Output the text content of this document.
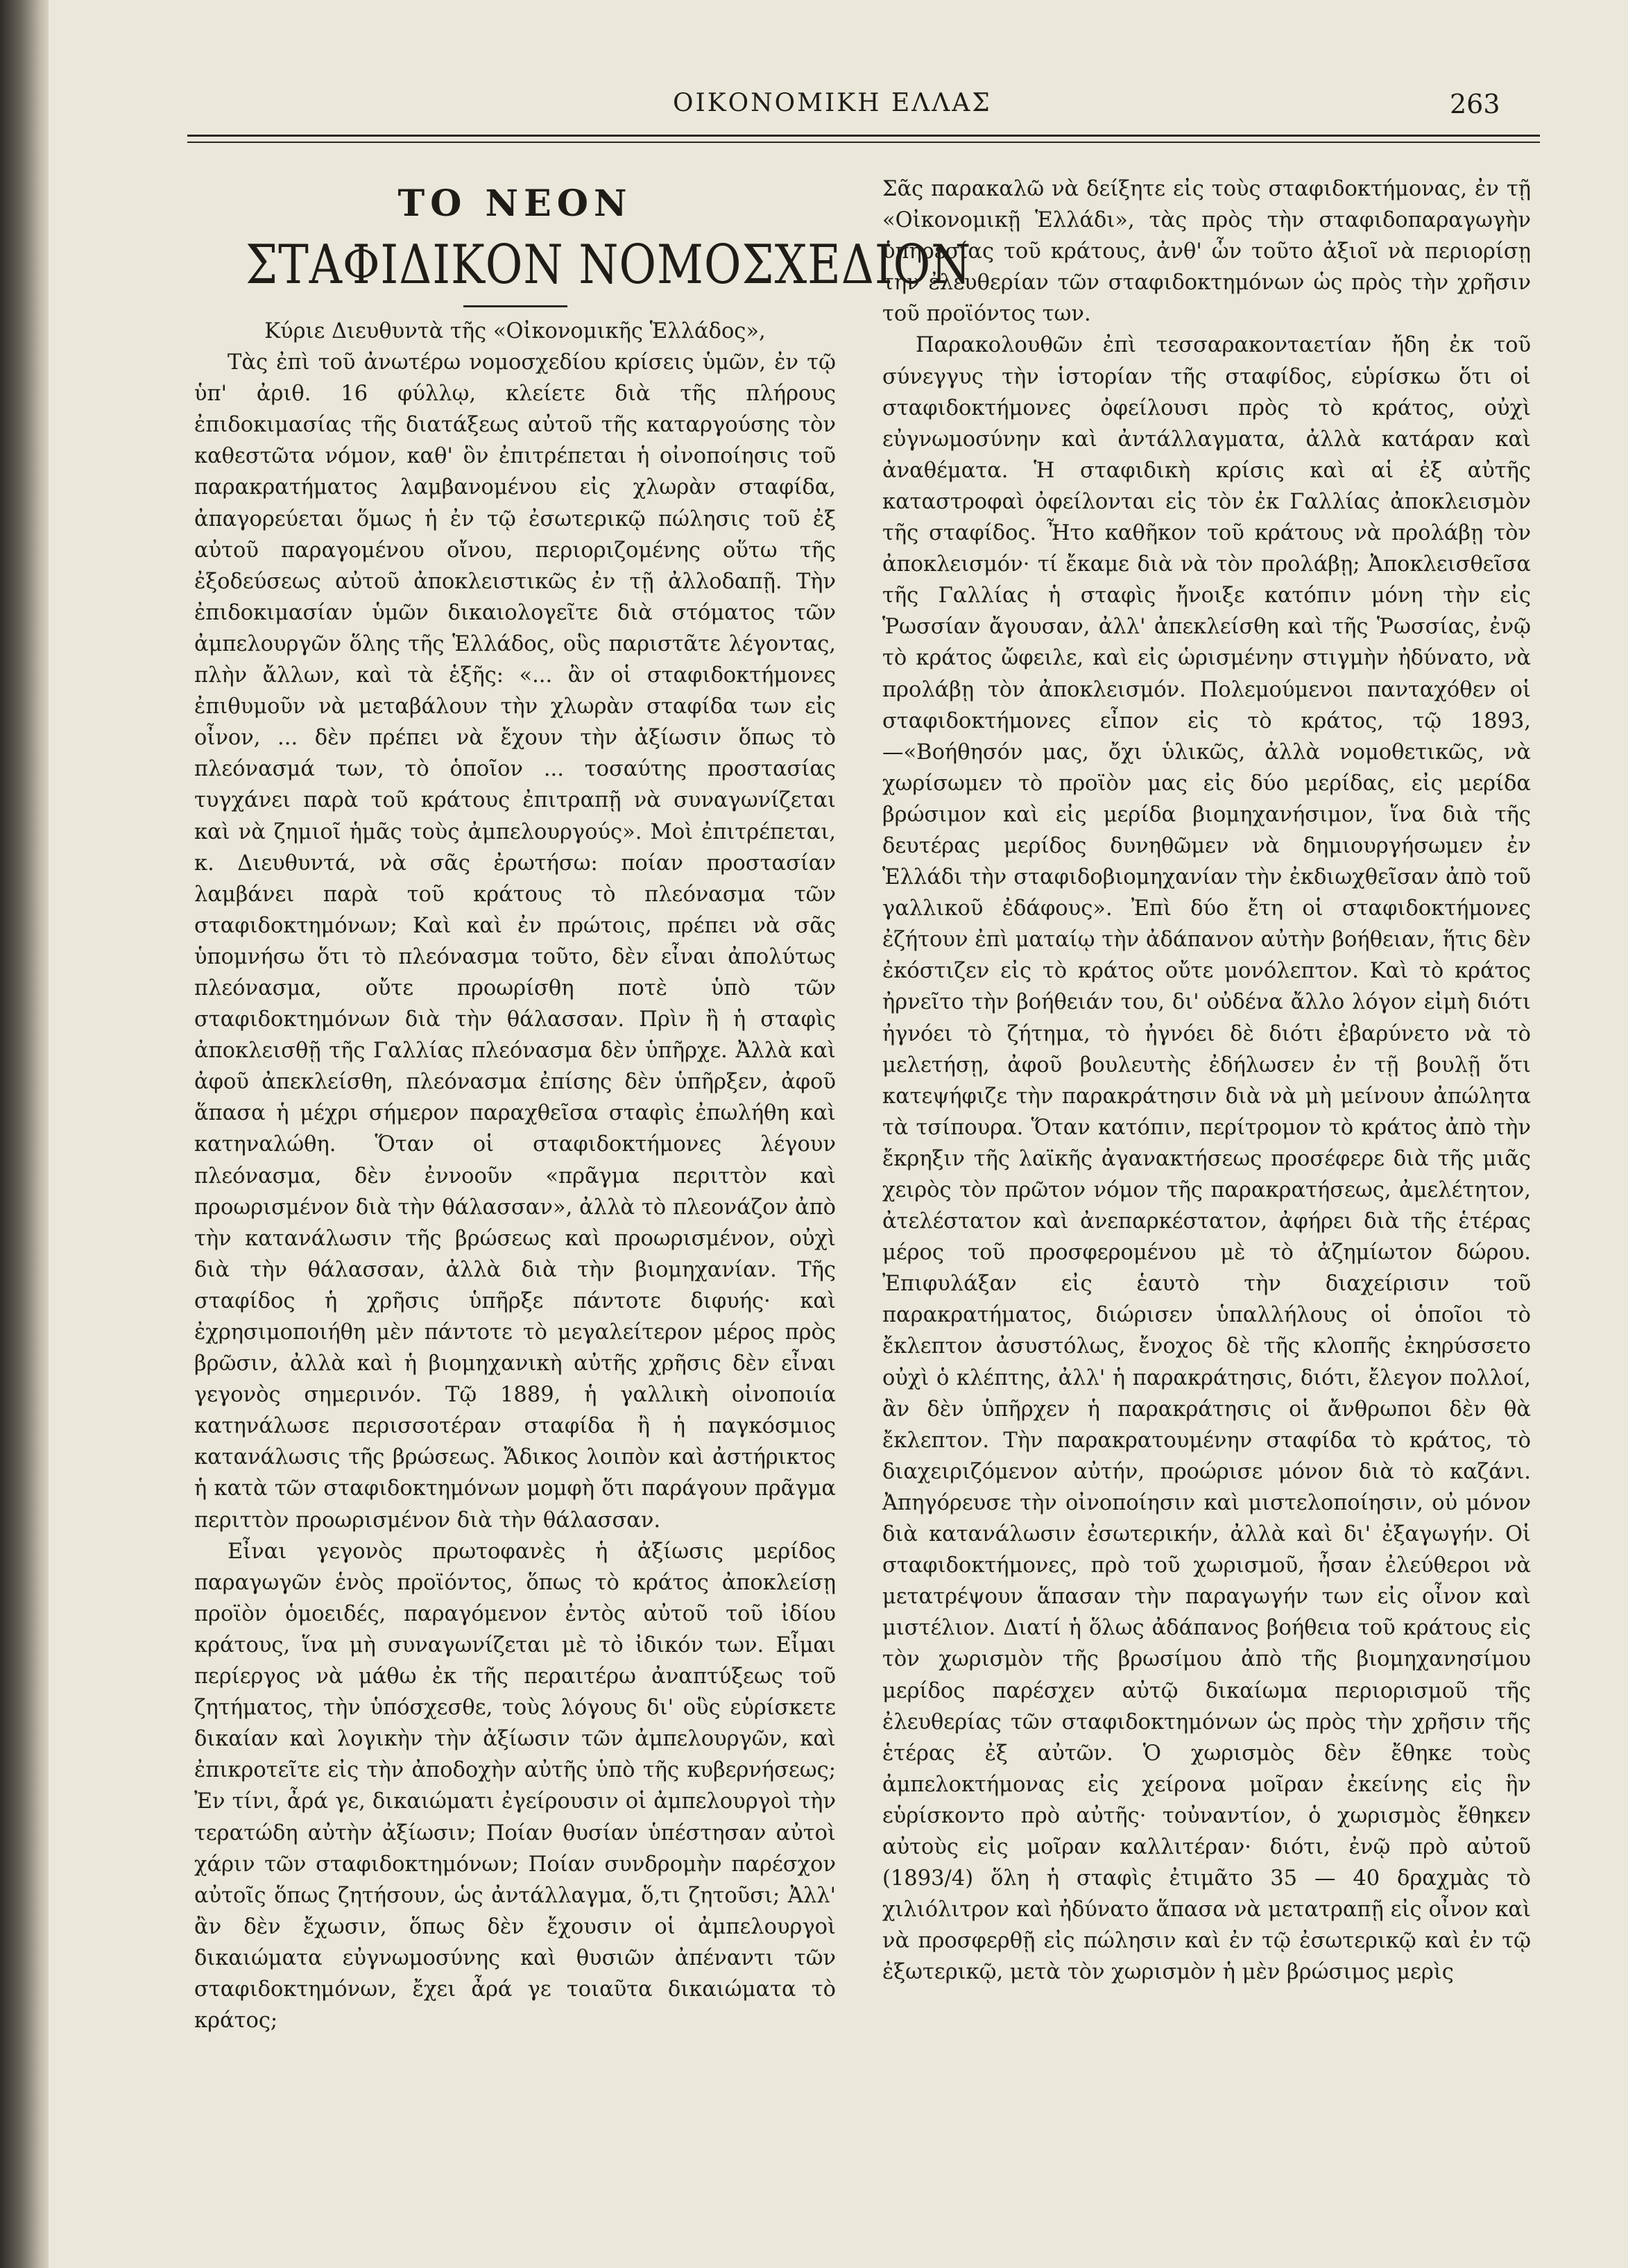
ΟΙΚΟΝΟΜΙΚΗ ΕΛΛΑΣ	263
ΤΟ ΝΕΟΝ
ΣΤΑΦΙΔΙΚΟΝ ΝΟΜΟΣΧΕΔΙΟΝ

Κύριε Διευθυντὰ τῆς «Οἰκονομικῆς Ἑλλάδος»,

Τὰς ἐπὶ τοῦ ἀνωτέρω νομοσχεδίου κρίσεις ὑμῶν, ἐν τῷ ὑπ' ἀριθ. 16 φύλλῳ, κλείετε διὰ τῆς πλήρους ἐπιδοκιμασίας τῆς διατάξεως αὐτοῦ τῆς καταργούσης τὸν καθεστῶτα νόμον, καθ' ὃν ἐπιτρέπεται ἡ οἰνοποίησις τοῦ παρακρατήματος λαμβανομένου εἰς χλωρὰν σταφίδα, ἀπαγορεύεται ὅμως ἡ ἐν τῷ ἐσωτερικῷ πώλησις τοῦ ἐξ αὐτοῦ παραγομένου οἴνου, περιοριζομένης οὕτω τῆς ἐξοδεύσεως αὐτοῦ ἀποκλειστικῶς ἐν τῇ ἀλλοδαπῇ. Τὴν ἐπιδοκιμασίαν ὑμῶν δικαιολογεῖτε διὰ στόματος τῶν ἀμπελουργῶν ὅλης τῆς Ἑλλάδος, οὓς παριστᾶτε λέγοντας, πλὴν ἄλλων, καὶ τὰ ἑξῆς: «... ἂν οἱ σταφιδοκτήμονες ἐπιθυμοῦν νὰ μεταβάλουν τὴν χλωρὰν σταφίδα των εἰς οἶνον, ... δὲν πρέπει νὰ ἔχουν τὴν ἀξίωσιν ὅπως τὸ πλεόνασμά των, τὸ ὁποῖον ... τοσαύτης προστασίας τυγχάνει παρὰ τοῦ κράτους ἐπιτραπῇ νὰ συναγωνίζεται καὶ νὰ ζημιοῖ ἡμᾶς τοὺς ἀμπελουργούς». Μοὶ ἐπιτρέπεται, κ. Διευθυντά, νὰ σᾶς ἐρωτήσω: ποίαν προστασίαν λαμβάνει παρὰ τοῦ κράτους τὸ πλεόνασμα τῶν σταφιδοκτημόνων; Καὶ καὶ ἐν πρώτοις, πρέπει νὰ σᾶς ὑπομνήσω ὅτι τὸ πλεόνασμα τοῦτο, δὲν εἶναι ἀπολύτως πλεόνασμα, οὔτε προωρίσθη ποτὲ ὑπὸ τῶν σταφιδοκτημόνων διὰ τὴν θάλασσαν. Πρὶν ἢ ἡ σταφὶς ἀποκλεισθῇ τῆς Γαλλίας πλεόνασμα δὲν ὑπῆρχε. Ἀλλὰ καὶ ἀφοῦ ἀπεκλείσθη, πλεόνασμα ἐπίσης δὲν ὑπῆρξεν, ἀφοῦ ἅπασα ἡ μέχρι σήμερον παραχθεῖσα σταφὶς ἐπωλήθη καὶ κατηναλώθη. Ὅταν οἱ σταφιδοκτήμονες λέγουν πλεόνασμα, δὲν ἐννοοῦν «πρᾶγμα περιττὸν καὶ προωρισμένον διὰ τὴν θάλασσαν», ἀλλὰ τὸ πλεονάζον ἀπὸ τὴν κατανάλωσιν τῆς βρώσεως καὶ προωρισμένον, οὐχὶ διὰ τὴν θάλασσαν, ἀλλὰ διὰ τὴν βιομηχανίαν. Τῆς σταφίδος ἡ χρῆσις ὑπῆρξε πάντοτε διφυής· καὶ ἐχρησιμοποιήθη μὲν πάντοτε τὸ μεγαλείτερον μέρος πρὸς βρῶσιν, ἀλλὰ καὶ ἡ βιομηχανικὴ αὐτῆς χρῆσις δὲν εἶναι γεγονὸς σημερινόν. Τῷ 1889, ἡ γαλλικὴ οἰνοποιία κατηνάλωσε περισσοτέραν σταφίδα ἢ ἡ παγκόσμιος κατανάλωσις τῆς βρώσεως. Ἄδικος λοιπὸν καὶ ἀστήρικτος ἡ κατὰ τῶν σταφιδοκτημόνων μομφὴ ὅτι παράγουν πρᾶγμα περιττὸν προωρισμένον διὰ τὴν θάλασσαν.

Εἶναι γεγονὸς πρωτοφανὲς ἡ ἀξίωσις μερίδος παραγωγῶν ἑνὸς προϊόντος, ὅπως τὸ κράτος ἀποκλείσῃ προϊὸν ὁμοειδές, παραγόμενον ἐντὸς αὐτοῦ τοῦ ἰδίου κράτους, ἵνα μὴ συναγωνίζεται μὲ τὸ ἰδικόν των. Εἶμαι περίεργος νὰ μάθω ἐκ τῆς περαιτέρω ἀναπτύξεως τοῦ ζητήματος, τὴν ὑπόσχεσθε, τοὺς λόγους δι' οὓς εὑρίσκετε δικαίαν καὶ λογικὴν τὴν ἀξίωσιν τῶν ἀμπελουργῶν, καὶ ἐπικροτεῖτε εἰς τὴν ἀποδοχὴν αὐτῆς ὑπὸ τῆς κυβερνήσεως; Ἐν τίνι, ἆρά γε, δικαιώματι ἐγείρουσιν οἱ ἀμπελουργοὶ τὴν τερατώδη αὐτὴν ἀξίωσιν; Ποίαν θυσίαν ὑπέστησαν αὐτοὶ χάριν τῶν σταφιδοκτημόνων; Ποίαν συνδρομὴν παρέσχον αὐτοῖς ὅπως ζητήσουν, ὡς ἀντάλλαγμα, ὅ,τι ζητοῦσι; Ἀλλ' ἂν δὲν ἔχωσιν, ὅπως δὲν ἔχουσιν οἱ ἀμπελουργοὶ δικαιώματα εὐγνωμοσύνης καὶ θυσιῶν ἀπέναντι τῶν σταφιδοκτημόνων, ἔχει ἆρά γε τοιαῦτα δικαιώματα τὸ κράτος;

Σᾶς παρακαλῶ νὰ δείξητε εἰς τοὺς σταφιδοκτήμονας, ἐν τῇ «Οἰκονομικῇ Ἑλλάδι», τὰς πρὸς τὴν σταφιδοπαραγωγὴν ὑπηρεσίας τοῦ κράτους, ἀνθ' ὧν τοῦτο ἀξιοῖ νὰ περιορίσῃ τὴν ἐλευθερίαν τῶν σταφιδοκτημόνων ὡς πρὸς τὴν χρῆσιν τοῦ προϊόντος των.

Παρακολουθῶν ἐπὶ τεσσαρακονταετίαν ἤδη ἐκ τοῦ σύνεγγυς τὴν ἱστορίαν τῆς σταφίδος, εὑρίσκω ὅτι οἱ σταφιδοκτήμονες ὀφείλουσι πρὸς τὸ κράτος, οὐχὶ εὐγνωμοσύνην καὶ ἀντάλλαγματα, ἀλλὰ κατάραν καὶ ἀναθέματα. Ἡ σταφιδικὴ κρίσις καὶ αἱ ἐξ αὐτῆς καταστροφαὶ ὀφείλονται εἰς τὸν ἐκ Γαλλίας ἀποκλεισμὸν τῆς σταφίδος. Ἦτο καθῆκον τοῦ κράτους νὰ προλάβῃ τὸν ἀποκλεισμόν· τί ἔκαμε διὰ νὰ τὸν προλάβῃ; Ἀποκλεισθεῖσα τῆς Γαλλίας ἡ σταφὶς ἤνοιξε κατόπιν μόνη τὴν εἰς Ῥωσσίαν ἄγουσαν, ἀλλ' ἀπεκλείσθη καὶ τῆς Ῥωσσίας, ἐνῷ τὸ κράτος ὤφειλε, καὶ εἰς ὡρισμένην στιγμὴν ἠδύνατο, νὰ προλάβῃ τὸν ἀποκλεισμόν. Πολεμούμενοι πανταχόθεν οἱ σταφιδοκτήμονες εἶπον εἰς τὸ κράτος, τῷ 1893,—«Βοήθησόν μας, ὄχι ὑλικῶς, ἀλλὰ νομοθετικῶς, νὰ χωρίσωμεν τὸ προϊὸν μας εἰς δύο μερίδας, εἰς μερίδα βρώσιμον καὶ εἰς μερίδα βιομηχανήσιμον, ἵνα διὰ τῆς δευτέρας μερίδος δυνηθῶμεν νὰ δημιουργήσωμεν ἐν Ἑλλάδι τὴν σταφιδοβιομηχανίαν τὴν ἐκδιωχθεῖσαν ἀπὸ τοῦ γαλλικοῦ ἐδάφους». Ἐπὶ δύο ἔτη οἱ σταφιδοκτήμονες ἐζήτουν ἐπὶ ματαίῳ τὴν ἀδάπανον αὐτὴν βοήθειαν, ἥτις δὲν ἐκόστιζεν εἰς τὸ κράτος οὔτε μονόλεπτον. Καὶ τὸ κράτος ἠρνεῖτο τὴν βοήθειάν του, δι' οὐδένα ἄλλο λόγον εἰμὴ διότι ἠγνόει τὸ ζήτημα, τὸ ἠγνόει δὲ διότι ἐβαρύνετο νὰ τὸ μελετήσῃ, ἀφοῦ βουλευτὴς ἐδήλωσεν ἐν τῇ βουλῇ ὅτι κατεψήφιζε τὴν παρακράτησιν διὰ νὰ μὴ μείνουν ἀπώλητα τὰ τσίπουρα. Ὅταν κατόπιν, περίτρομον τὸ κράτος ἀπὸ τὴν ἔκρηξιν τῆς λαϊκῆς ἀγανακτήσεως προσέφερε διὰ τῆς μιᾶς χειρὸς τὸν πρῶτον νόμον τῆς παρακρατήσεως, ἀμελέτητον, ἀτελέστατον καὶ ἀνεπαρκέστατον, ἀφήρει διὰ τῆς ἑτέρας μέρος τοῦ προσφερομένου μὲ τὸ ἀζημίωτον δώρου. Ἐπιφυλάξαν εἰς ἑαυτὸ τὴν διαχείρισιν τοῦ παρακρατήματος, διώρισεν ὑπαλλήλους οἱ ὁποῖοι τὸ ἔκλεπτον ἀσυστόλως, ἔνοχος δὲ τῆς κλοπῆς ἐκηρύσσετο οὐχὶ ὁ κλέπτης, ἀλλ' ἡ παρακράτησις, διότι, ἔλεγον πολλοί, ἂν δὲν ὑπῆρχεν ἡ παρακράτησις οἱ ἄνθρωποι δὲν θὰ ἔκλεπτον. Τὴν παρακρατουμένην σταφίδα τὸ κράτος, τὸ διαχειριζόμενον αὐτήν, προώρισε μόνον διὰ τὸ καζάνι. Ἀπηγόρευσε τὴν οἰνοποίησιν καὶ μιστελοποίησιν, οὐ μόνον διὰ κατανάλωσιν ἐσωτερικήν, ἀλλὰ καὶ δι' ἐξαγωγήν. Οἱ σταφιδοκτήμονες, πρὸ τοῦ χωρισμοῦ, ἦσαν ἐλεύθεροι νὰ μετατρέψουν ἅπασαν τὴν παραγωγήν των εἰς οἶνον καὶ μιστέλιον. Διατί ἡ ὅλως ἀδάπανος βοήθεια τοῦ κράτους εἰς τὸν χωρισμὸν τῆς βρωσίμου ἀπὸ τῆς βιομηχανησίμου μερίδος παρέσχεν αὐτῷ δικαίωμα περιορισμοῦ τῆς ἐλευθερίας τῶν σταφιδοκτημόνων ὡς πρὸς τὴν χρῆσιν τῆς ἑτέρας ἐξ αὐτῶν. Ὁ χωρισμὸς δὲν ἔθηκε τοὺς ἀμπελοκτήμονας εἰς χείρονα μοῖραν ἐκείνης εἰς ἣν εὑρίσκοντο πρὸ αὐτῆς· τοὐναντίον, ὁ χωρισμὸς ἔθηκεν αὐτοὺς εἰς μοῖραν καλλιτέραν· διότι, ἐνῷ πρὸ αὐτοῦ (1893/4) ὅλη ἡ σταφὶς ἐτιμᾶτο 35 — 40 δραχμὰς τὸ χιλιόλιτρον καὶ ἠδύνατο ἅπασα νὰ μετατραπῇ εἰς οἶνον καὶ νὰ προσφερθῇ εἰς πώλησιν καὶ ἐν τῷ ἐσωτερικῷ καὶ ἐν τῷ ἐξωτερικῷ, μετὰ τὸν χωρισμὸν ἡ μὲν βρώσιμος μερὶς
